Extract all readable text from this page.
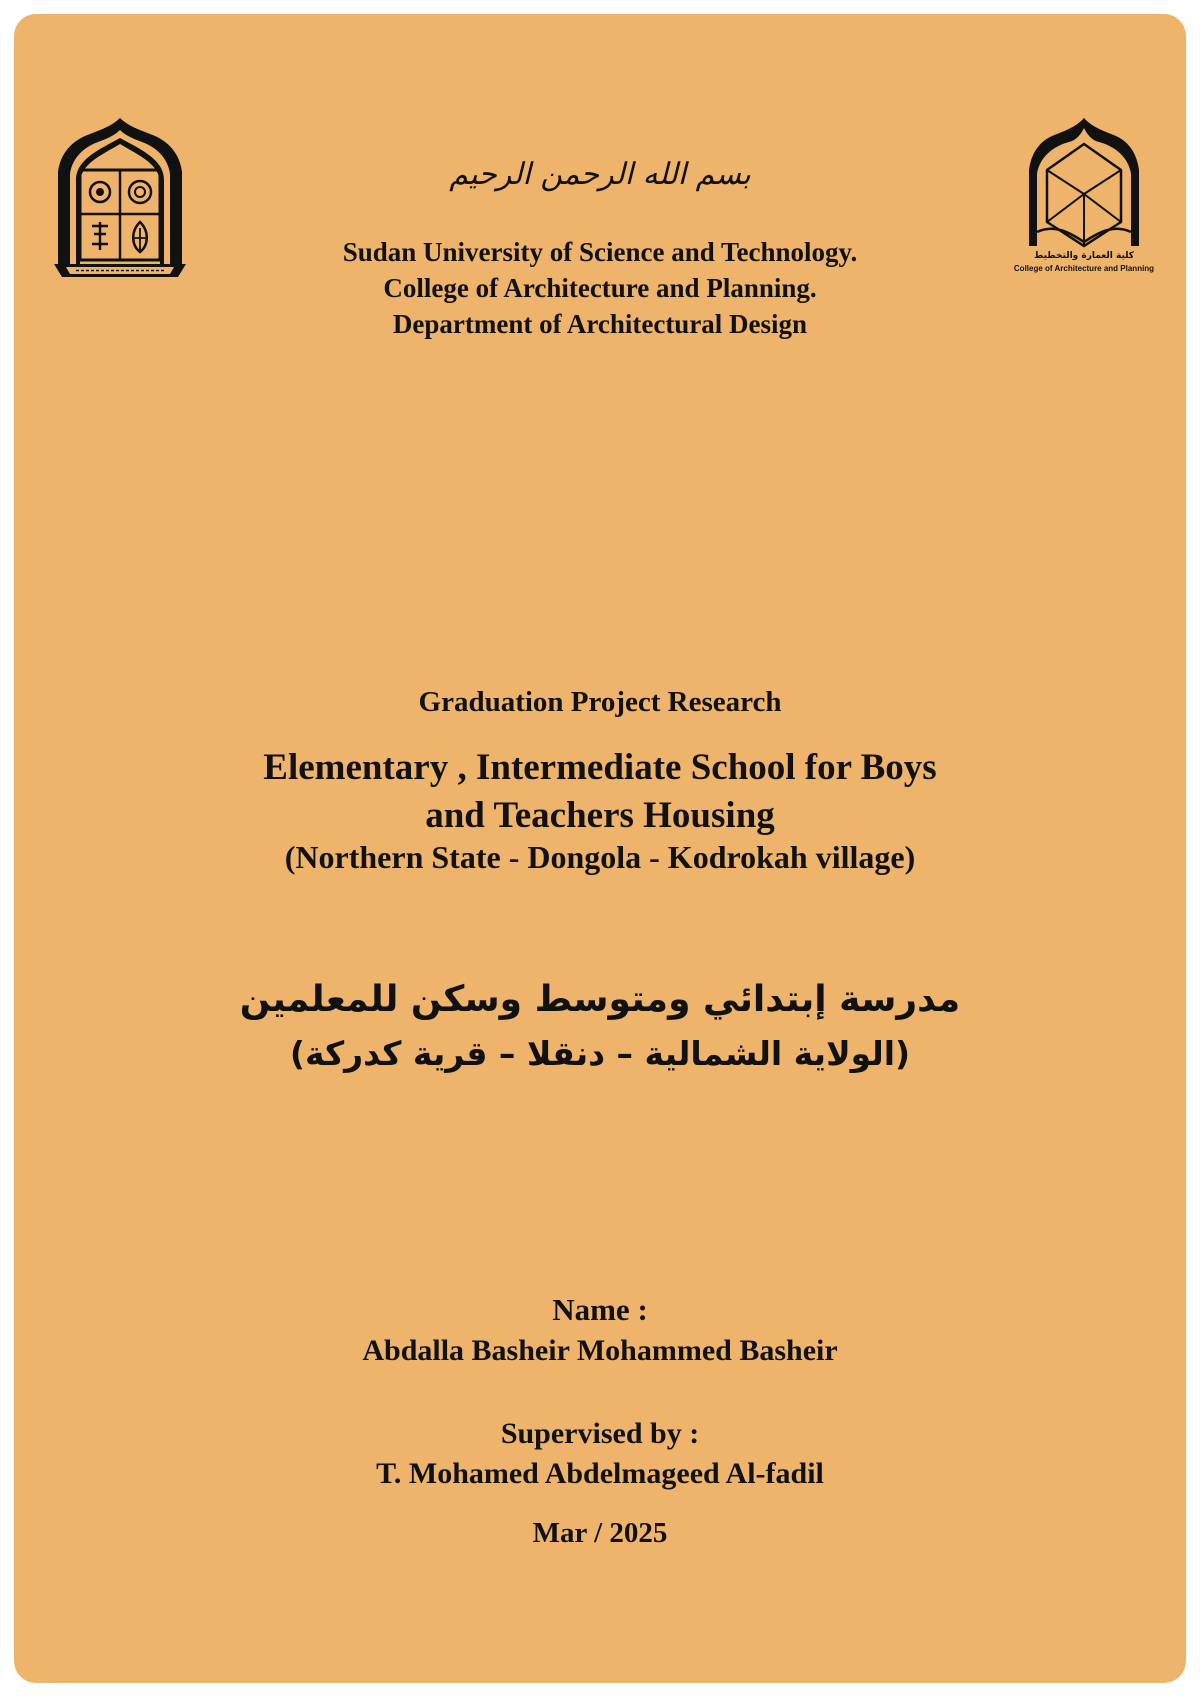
بسم الله الرحمن الرحيم
Sudan University of Science and Technology.
College of Architecture and Planning.
Department of Architectural Design
كلية العمارة والتخطيط
College of Architecture and Planning
Graduation Project Research
Elementary , Intermediate School for Boys
and Teachers Housing
(Northern State - Dongola - Kodrokah village)
مدرسة إبتدائي ومتوسط وسكن للمعلمين
(الولاية الشمالية – دنقلا – قرية كدركة)
Name :
Abdalla Basheir Mohammed Basheir
Supervised by :
T. Mohamed Abdelmageed Al-fadil
Mar / 2025
